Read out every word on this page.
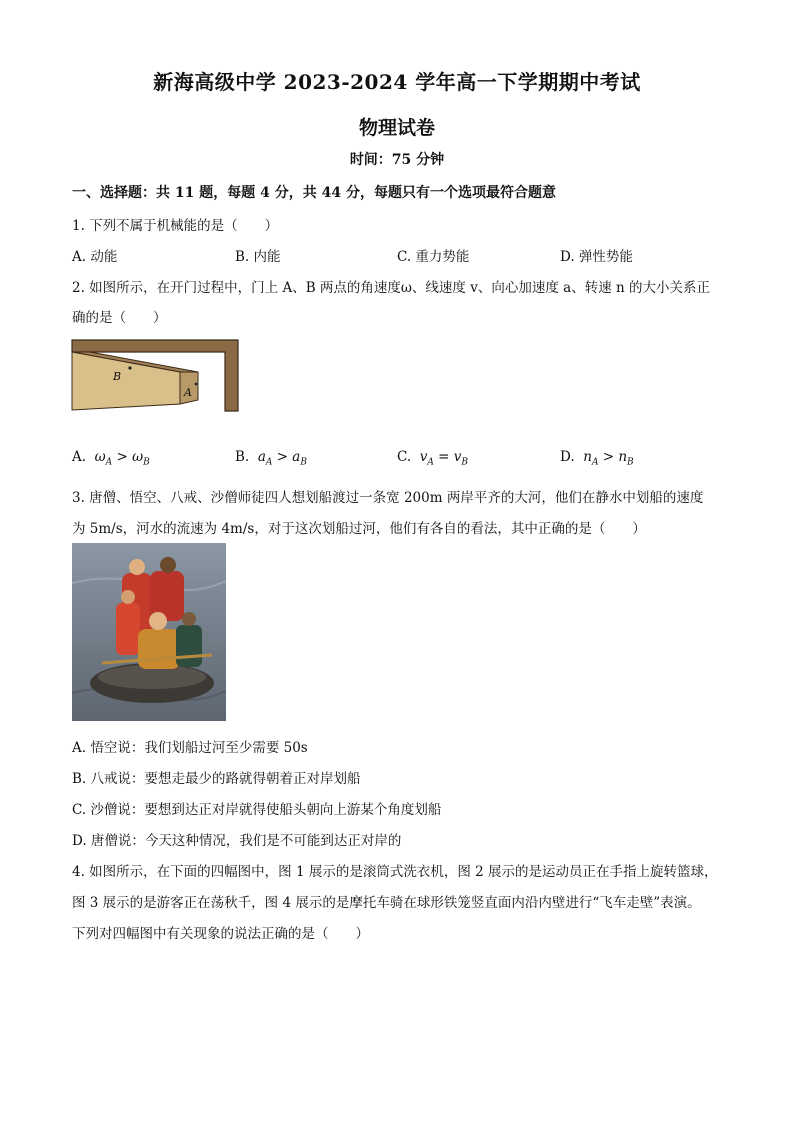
新海高级中学 2023-2024 学年高一下学期期中考试
物理试卷
时间：75 分钟
一、选择题：共 11 题，每题 4 分，共 44 分，每题只有一个选项最符合题意
1. 下列不属于机械能的是（　　）
A. 动能	B. 内能	C. 重力势能	D. 弹性势能
2. 如图所示，在开门过程中，门上 A、B 两点的角速度ω、线速度 v、向心加速度 a、转速 n 的大小关系正
确的是（　　）
B
A
A. $\omega_A > \omega_B$	B. $a_A > a_B$	C. $v_A = v_B$	D. $n_A > n_B$
3. 唐僧、悟空、八戒、沙僧师徒四人想划船渡过一条宽 200m 两岸平齐的大河，他们在静水中划船的速度
为 5m/s，河水的流速为 4m/s，对于这次划船过河，他们有各自的看法，其中正确的是（　　）
A. 悟空说：我们划船过河至少需要 50s
B. 八戒说：要想走最少的路就得朝着正对岸划船
C. 沙僧说：要想到达正对岸就得使船头朝向上游某个角度划船
D. 唐僧说：今天这种情况，我们是不可能到达正对岸的
4. 如图所示，在下面的四幅图中，图 1 展示的是滚筒式洗衣机，图 2 展示的是运动员正在手指上旋转篮球，
图 3 展示的是游客正在荡秋千，图 4 展示的是摩托车骑在球形铁笼竖直面内沿内壁进行“飞车走壁”表演。
下列对四幅图中有关现象的说法正确的是（　　）
